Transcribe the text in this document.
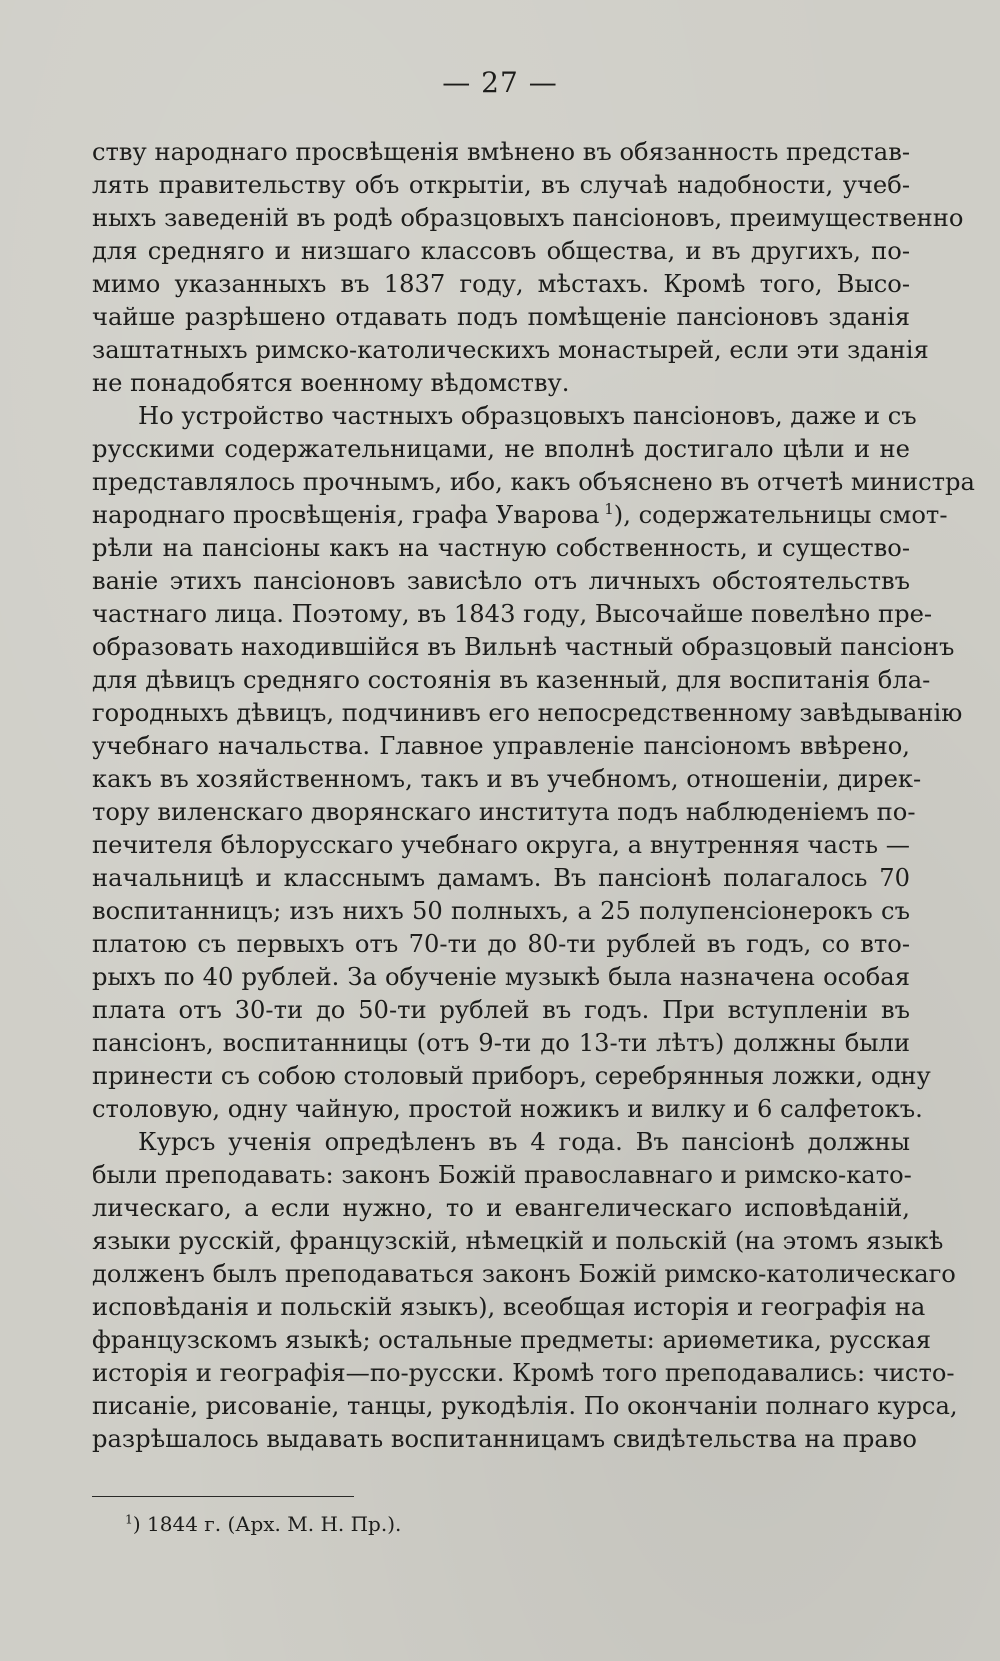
— 27 —
ству народнаго просвѣщенія вмѣнено въ обязанность представ-
лять правительству объ открытіи, въ случаѣ надобности, учеб-
ныхъ заведеній въ родѣ образцовыхъ пансіоновъ, преимущественно
для средняго и низшаго классовъ общества, и въ другихъ, по-
мимо указанныхъ въ 1837 году, мѣстахъ. Кромѣ того, Высо-
чайше разрѣшено отдавать подъ помѣщеніе пансіоновъ зданія
заштатныхъ римско-католическихъ монастырей, если эти зданія
не понадобятся военному вѣдомству.
Но устройство частныхъ образцовыхъ пансіоновъ, даже и съ
русскими содержательницами, не вполнѣ достигало цѣли и не
представлялось прочнымъ, ибо, какъ объяснено въ отчетѣ министра
народнаго просвѣщенія, графа Уварова  $^1$), содержательницы смот-
рѣли на пансіоны какъ на частную собственность, и существо-
ваніе этихъ пансіоновъ зависѣло отъ личныхъ обстоятельствъ
частнаго лица. Поэтому, въ 1843 году, Высочайше повелѣно пре-
образовать находившійся въ Вильнѣ частный образцовый пансіонъ
для дѣвицъ средняго состоянія въ казенный, для воспитанія бла-
городныхъ дѣвицъ, подчинивъ его непосредственному завѣдыванію
учебнаго начальства. Главное управленіе пансіономъ ввѣрено,
какъ въ хозяйственномъ, такъ и въ учебномъ, отношеніи, дирек-
тору виленскаго дворянскаго института подъ наблюденіемъ по-
печителя бѣлорусскаго учебнаго округа, а внутренняя часть —
начальницѣ и класснымъ дамамъ. Въ пансіонѣ полагалось 70
воспитанницъ; изъ нихъ 50 полныхъ, а 25 полупенсіонерокъ съ
платою съ первыхъ отъ 70-ти до 80-ти рублей въ годъ, со вто-
рыхъ по 40 рублей. За обученіе музыкѣ была назначена особая
плата отъ 30-ти до 50-ти рублей въ годъ. При вступленіи въ
пансіонъ, воспитанницы (отъ 9-ти до 13-ти лѣтъ) должны были
принести съ собою столовый приборъ, серебрянныя ложки, одну
столовую, одну чайную, простой ножикъ и вилку и 6 салфетокъ.
Курсъ ученія опредѣленъ въ 4 года. Въ пансіонѣ должны
были преподавать: законъ Божій православнаго и римско-като-
лическаго, а если нужно, то и евангелическаго исповѣданій,
языки русскій, французскій, нѣмецкій и польскій (на этомъ языкѣ
долженъ былъ преподаваться законъ Божій римско-католическаго
исповѣданія и польскій языкъ), всеобщая исторія и географія на
французскомъ языкѣ; остальные предметы: ариѳметика, русская
исторія и географія—по-русски. Кромѣ того преподавались: чисто-
писаніе, рисованіе, танцы, рукодѣлія. По окончаніи полнаго курса,
разрѣшалось выдавать воспитанницамъ свидѣтельства на право
$^1$) 1844 г. (Арх. М. Н. Пр.).
